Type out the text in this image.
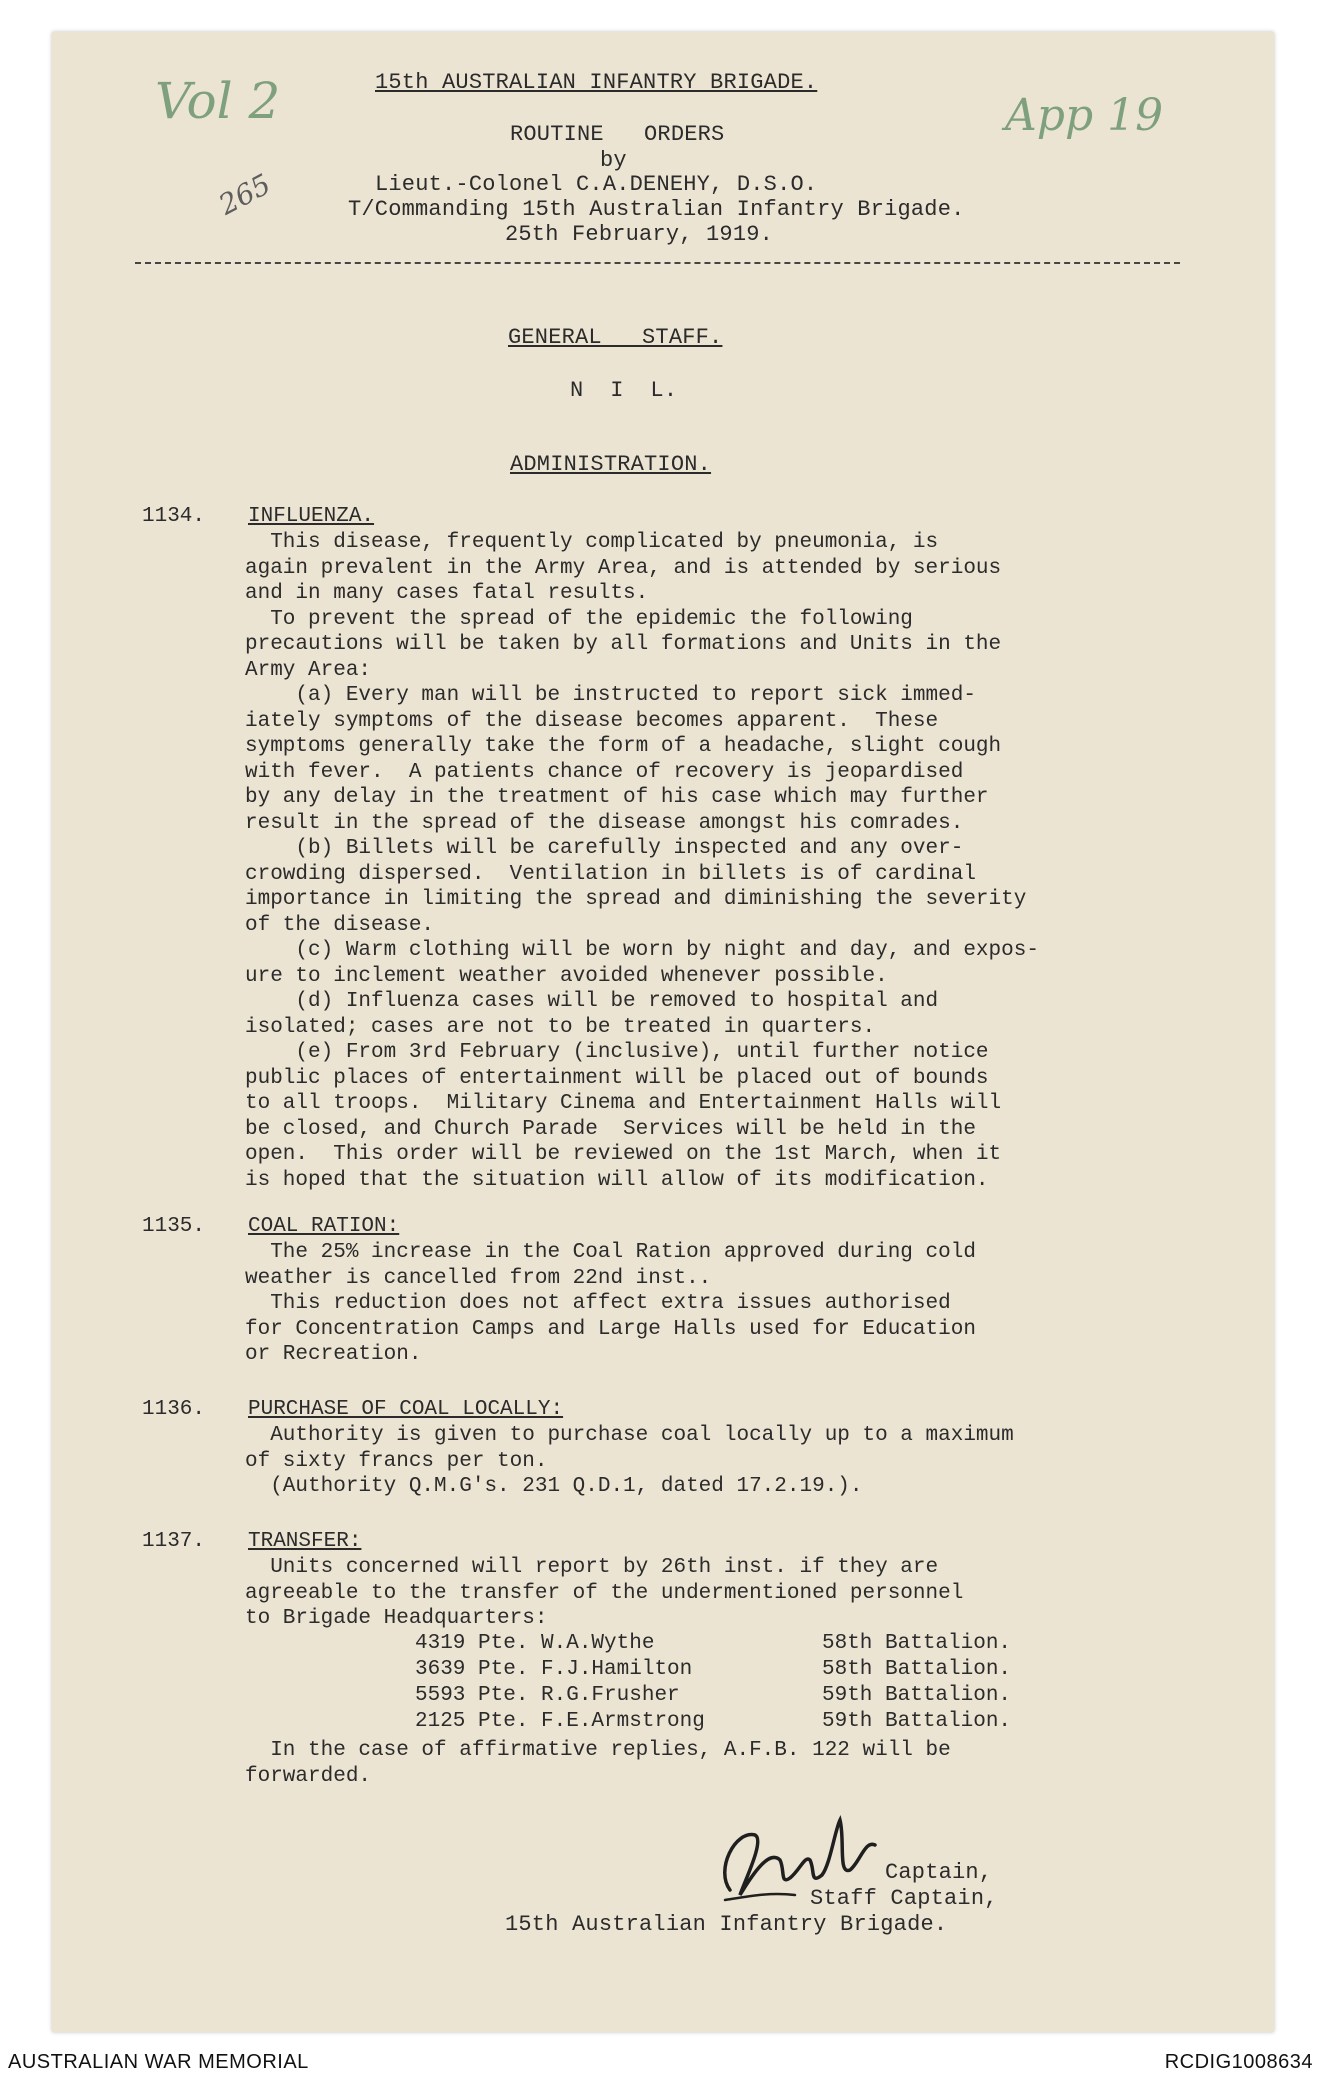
Vol 2	App 19
265
15th AUSTRALIAN INFANTRY BRIGADE.
ROUTINE   ORDERS
by
Lieut.-Colonel C.A.DENEHY, D.S.O.
T/Commanding 15th Australian Infantry Brigade.
25th February, 1919.
GENERAL   STAFF.
N  I  L.
ADMINISTRATION.
1134. INFLUENZA.
This disease, frequently complicated by pneumonia, is
again prevalent in the Army Area, and is attended by serious
and in many cases fatal results.
To prevent the spread of the epidemic the following
precautions will be taken by all formations and Units in the
Army Area:
(a) Every man will be instructed to report sick immed-
iately symptoms of the disease becomes apparent.  These
symptoms generally take the form of a headache, slight cough
with fever.  A patients chance of recovery is jeopardised
by any delay in the treatment of his case which may further
result in the spread of the disease amongst his comrades.
(b) Billets will be carefully inspected and any over-
crowding dispersed.  Ventilation in billets is of cardinal
importance in limiting the spread and diminishing the severity
of the disease.
(c) Warm clothing will be worn by night and day, and expos-
ure to inclement weather avoided whenever possible.
(d) Influenza cases will be removed to hospital and
isolated; cases are not to be treated in quarters.
(e) From 3rd February (inclusive), until further notice
public places of entertainment will be placed out of bounds
to all troops.  Military Cinema and Entertainment Halls will
be closed, and Church Parade  Services will be held in the
open.  This order will be reviewed on the 1st March, when it
is hoped that the situation will allow of its modification.
1135. COAL RATION:
The 25% increase in the Coal Ration approved during cold
weather is cancelled from 22nd inst..
This reduction does not affect extra issues authorised
for Concentration Camps and Large Halls used for Education
or Recreation.
1136. PURCHASE OF COAL LOCALLY:
Authority is given to purchase coal locally up to a maximum
of sixty francs per ton.
(Authority Q.M.G's. 231 Q.D.1, dated 17.2.19.).
1137. TRANSFER:
Units concerned will report by 26th inst. if they are
agreeable to the transfer of the undermentioned personnel
to Brigade Headquarters:
4319 Pte. W.A.Wythe	58th Battalion.
3639 Pte. F.J.Hamilton	58th Battalion.
5593 Pte. R.G.Frusher	59th Battalion.
2125 Pte. F.E.Armstrong	59th Battalion.
In the case of affirmative replies, A.F.B. 122 will be
forwarded.
Captain,
Staff Captain,
15th Australian Infantry Brigade.
AUSTRALIAN WAR MEMORIAL	RCDIG1008634
